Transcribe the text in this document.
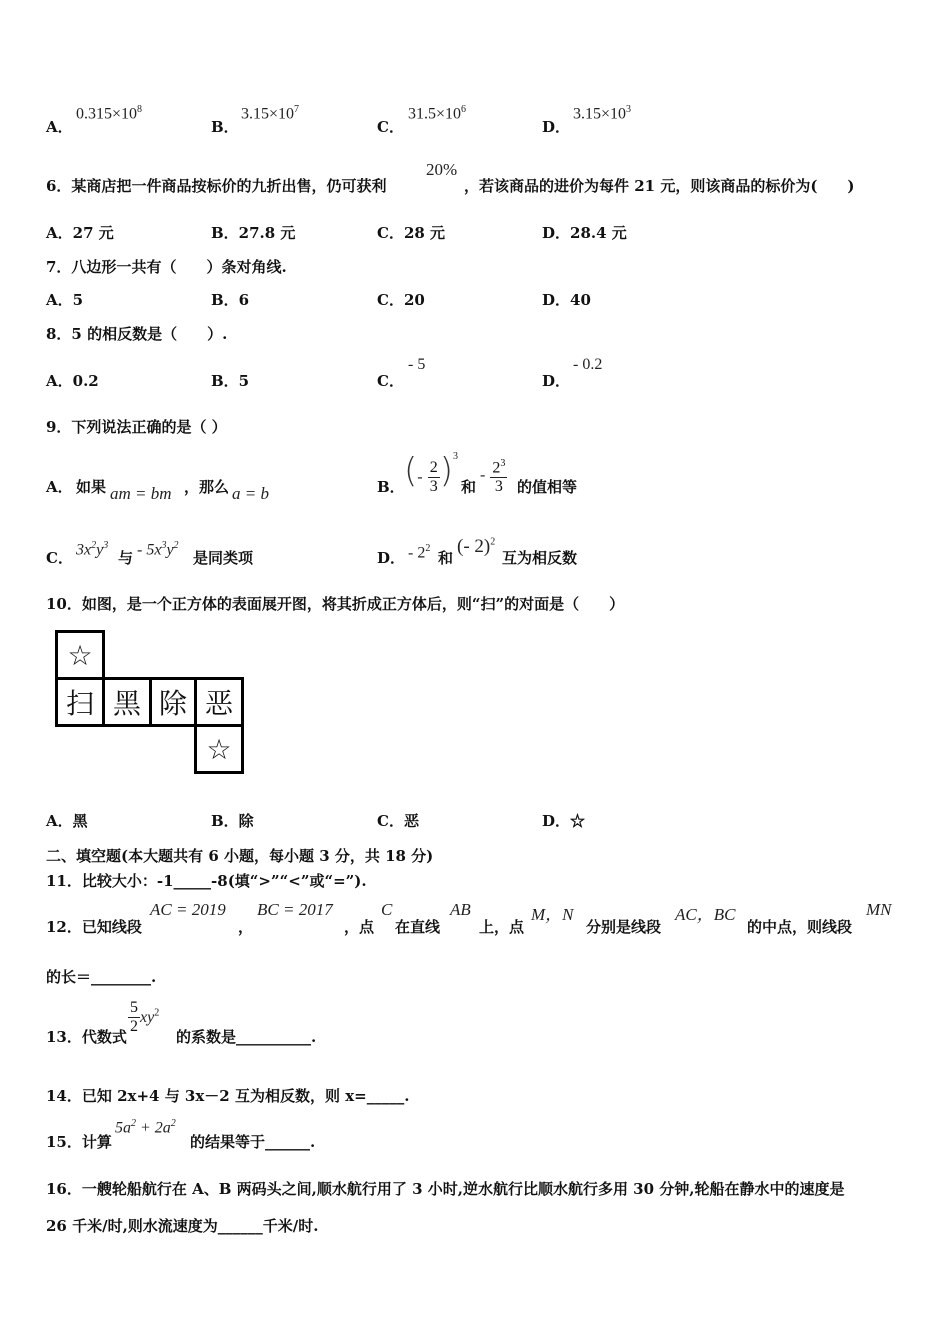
A．
$0.315\times 10^8$
B．
$3.15\times 10^7$
C．
$31.5\times 10^6$
D．
$3.15\times 10^3$
6．某商店把一件商品按标价的九折出售，仍可获利
20%
，若该商品的进价为每件 21 元，则该商品的标价为(　　)
A．27 元	B．27.8 元	C．28 元	D．28.4 元
7．八边形一共有（　　）条对角线.
A．5	B．6	C．20	D．40
8．5 的相反数是（　　）.
A．0.2	B．5	C．
- 5
D．
- 0.2
9．下列说法正确的是（ ）
A． 如果 am = bm ，那么 a = b	B． (- $\frac{2}{3} )^3$
和
- $\frac{2^3}{3}$ 的值相等
C． $3x^2y^3$
与 - $5x^3y^2$
是同类项	D． - $2^2$
和
(- 2)$^2$
互为相反数
10．如图，是一个正方体的表面展开图，将其折成正方体后，则“扫”的对面是（　　）
☆
扫 黑 除 恶
☆
A．黑	B．除	C．恶	D．☆
二、填空题(本大题共有 6 小题，每小题 3 分，共 18 分)
11．比较大小：-1_____-8(填“>”“<”或“=”).
12．已知线段
AC = 2019
，
BC = 2017
，点
C
在直线
AB
上，点
M，N
分别是线段
AC，BC
的中点，则线段
MN
的长＝________.
13．代数式
$\frac{5}{2} xy^2$
的系数是__________.
14．已知 2x+4 与 3x－2 互为相反数，则 x=_____.
15．计算
$5a^2 + 2a^2$
的结果等于______.
16．一艘轮船航行在 A、B 两码头之间,顺水航行用了 3 小时,逆水航行比顺水航行多用 30 分钟,轮船在静水中的速度是
26 千米/时,则水流速度为______千米/时.
